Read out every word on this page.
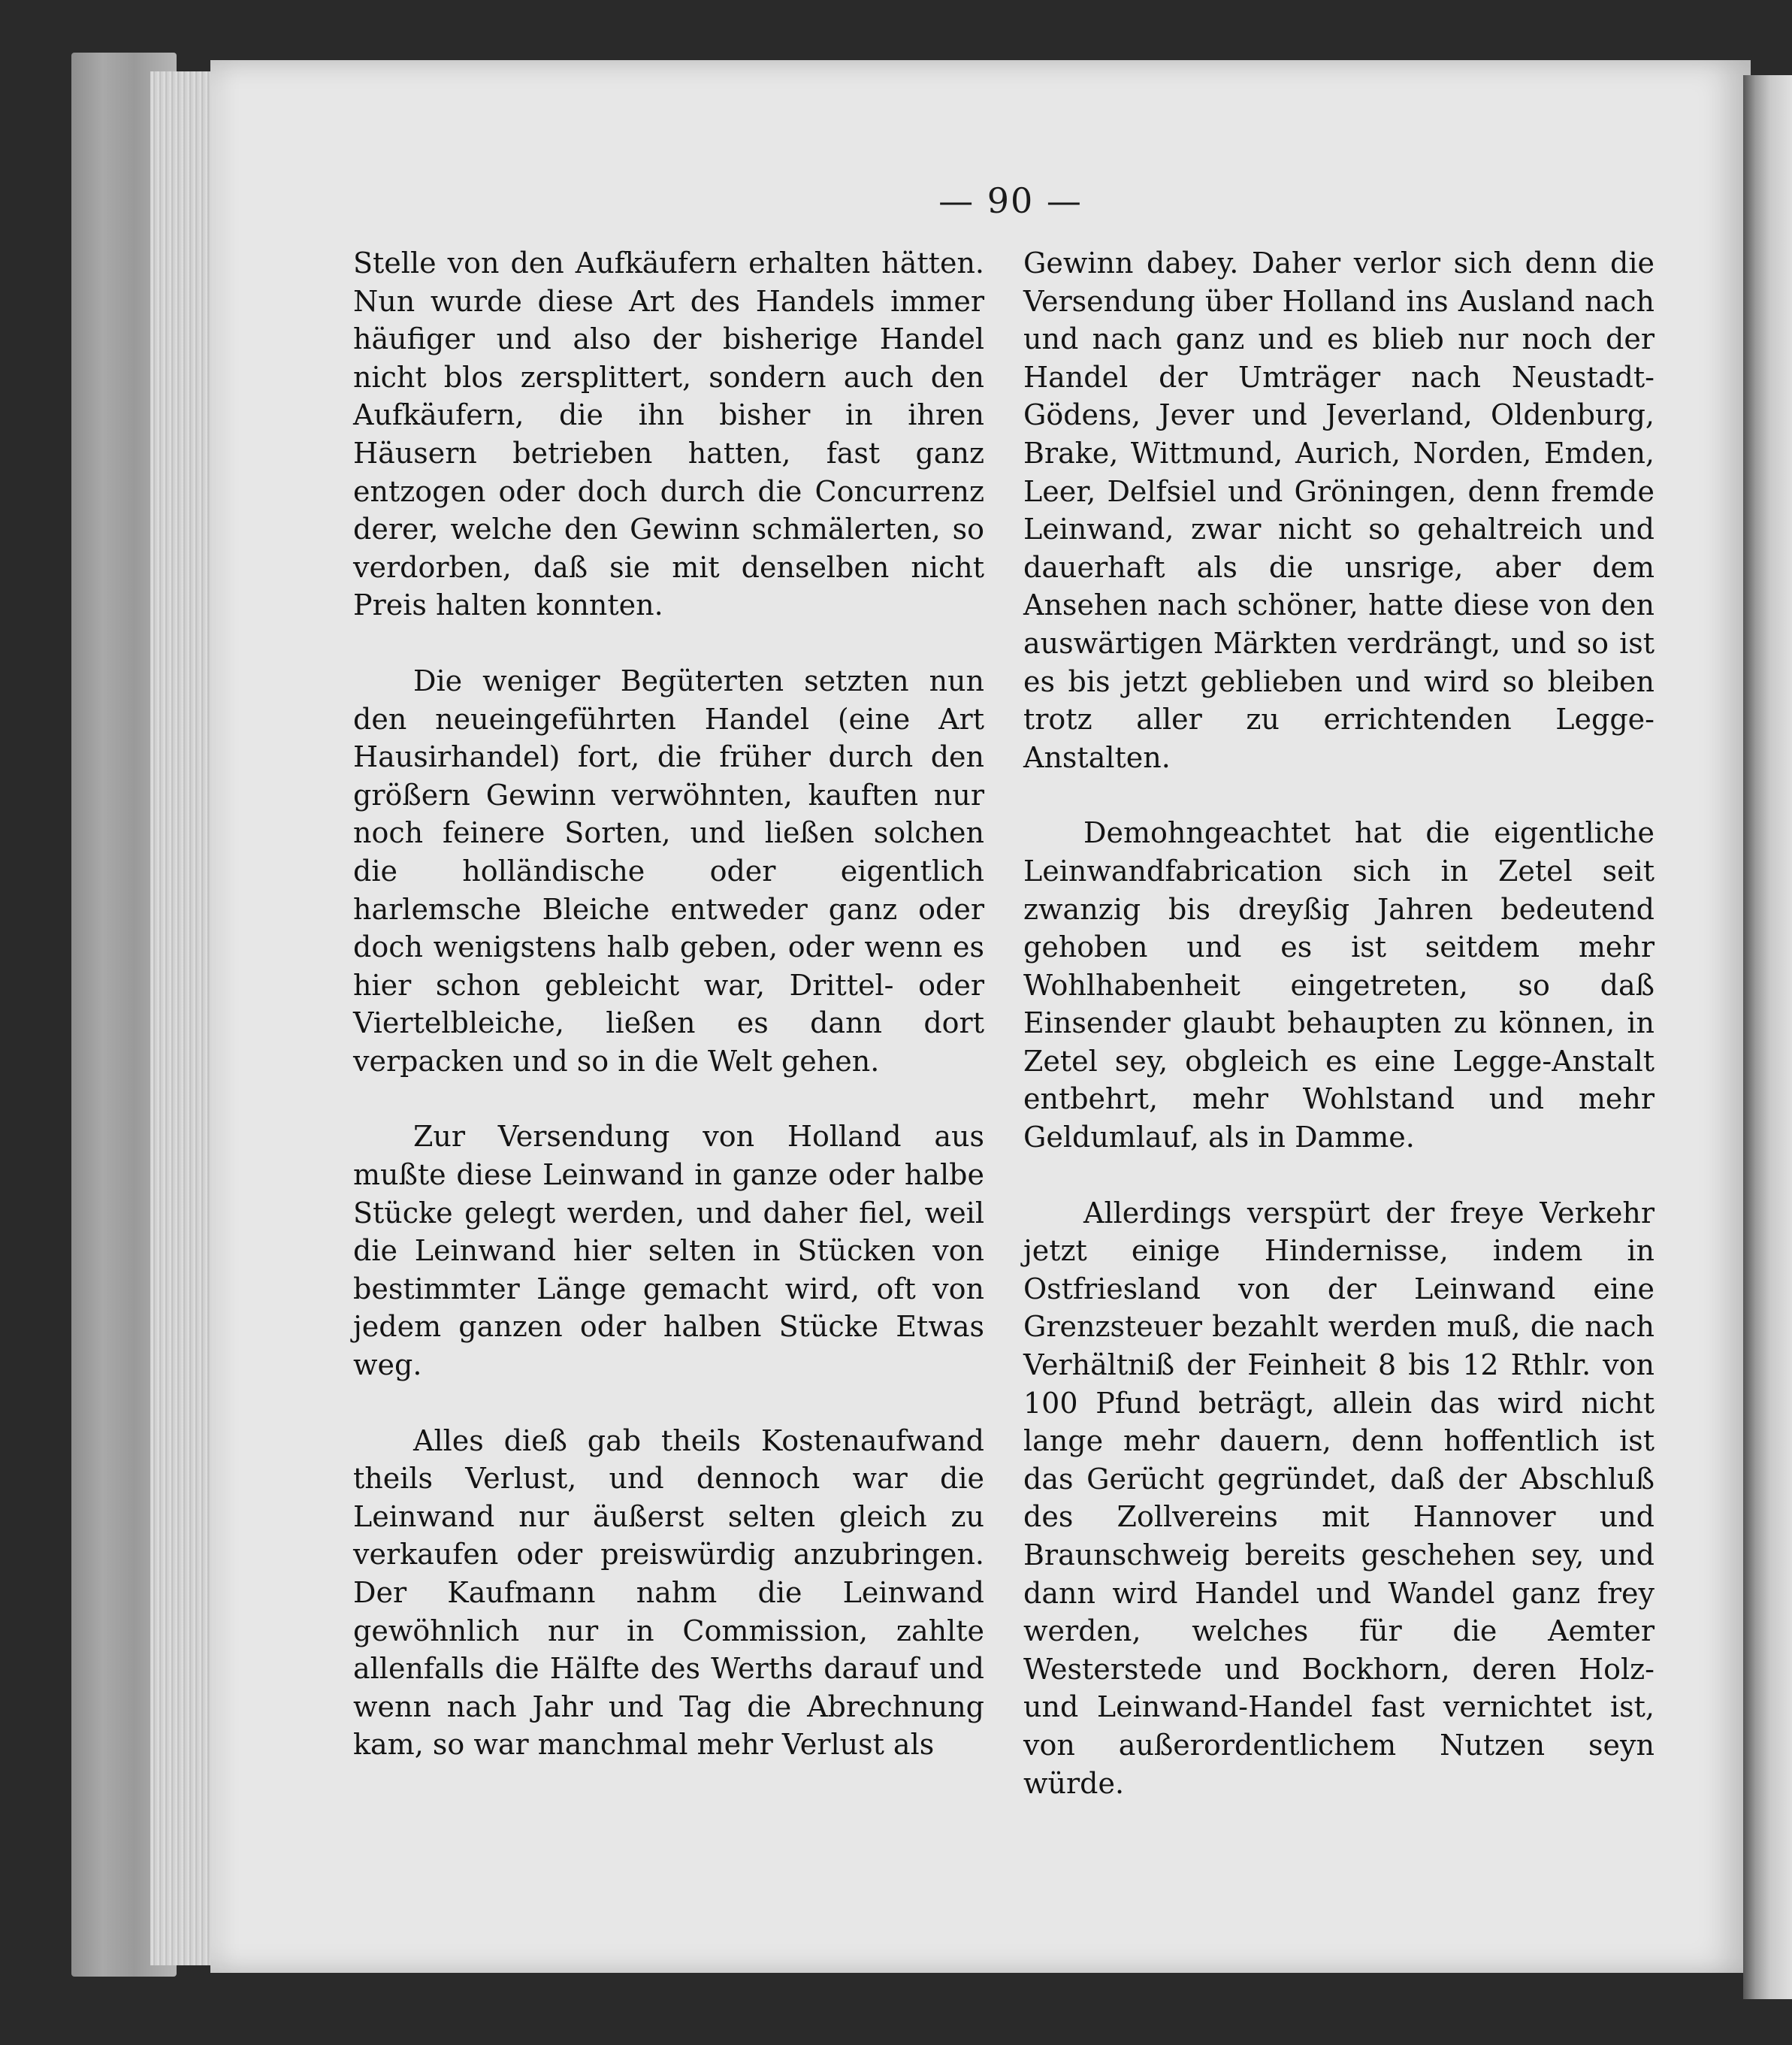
— 90 —

Stelle von den Aufkäufern erhalten hätten. Nun wurde diese Art des Handels immer häufiger und also der bisherige Handel nicht blos zersplittert, sondern auch den Aufkäufern, die ihn bisher in ihren Häusern betrieben hatten, fast ganz entzogen oder doch durch die Concurrenz derer, welche den Gewinn schmälerten, so verdorben, daß sie mit denselben nicht Preis halten konnten.

Die weniger Begüterten setzten nun den neueingeführten Handel (eine Art Hausirhandel) fort, die früher durch den größern Gewinn verwöhnten, kauften nur noch feinere Sorten, und ließen solchen die holländische oder eigentlich harlemsche Bleiche entweder ganz oder doch wenigstens halb geben, oder wenn es hier schon gebleicht war, Drittel- oder Viertelbleiche, ließen es dann dort verpacken und so in die Welt gehen.

Zur Versendung von Holland aus mußte diese Leinwand in ganze oder halbe Stücke gelegt werden, und daher fiel, weil die Leinwand hier selten in Stücken von bestimmter Länge gemacht wird, oft von jedem ganzen oder halben Stücke Etwas weg.

Alles dieß gab theils Kostenaufwand theils Verlust, und dennoch war die Leinwand nur äußerst selten gleich zu verkaufen oder preiswürdig anzubringen. Der Kaufmann nahm die Leinwand gewöhnlich nur in Commission, zahlte allenfalls die Hälfte des Werths darauf und wenn nach Jahr und Tag die Abrechnung kam, so war manchmal mehr Verlust als

Gewinn dabey. Daher verlor sich denn die Versendung über Holland ins Ausland nach und nach ganz und es blieb nur noch der Handel der Umträger nach Neustadt-Gödens, Jever und Jeverland, Oldenburg, Brake, Wittmund, Aurich, Norden, Emden, Leer, Delfsiel und Gröningen, denn fremde Leinwand, zwar nicht so gehaltreich und dauerhaft als die unsrige, aber dem Ansehen nach schöner, hatte diese von den auswärtigen Märkten verdrängt, und so ist es bis jetzt geblieben und wird so bleiben trotz aller zu errichtenden Legge-Anstalten.

Demohngeachtet hat die eigentliche Leinwandfabrication sich in Zetel seit zwanzig bis dreyßig Jahren bedeutend gehoben und es ist seitdem mehr Wohlhabenheit eingetreten, so daß Einsender glaubt behaupten zu können, in Zetel sey, obgleich es eine Legge-Anstalt entbehrt, mehr Wohlstand und mehr Geldumlauf, als in Damme.

Allerdings verspürt der freye Verkehr jetzt einige Hindernisse, indem in Ostfriesland von der Leinwand eine Grenzsteuer bezahlt werden muß, die nach Verhältniß der Feinheit 8 bis 12 Rthlr. von 100 Pfund beträgt, allein das wird nicht lange mehr dauern, denn hoffentlich ist das Gerücht gegründet, daß der Abschluß des Zollvereins mit Hannover und Braunschweig bereits geschehen sey, und dann wird Handel und Wandel ganz frey werden, welches für die Aemter Westerstede und Bockhorn, deren Holz- und Leinwand-Handel fast vernichtet ist, von außerordentlichem Nutzen seyn würde.
